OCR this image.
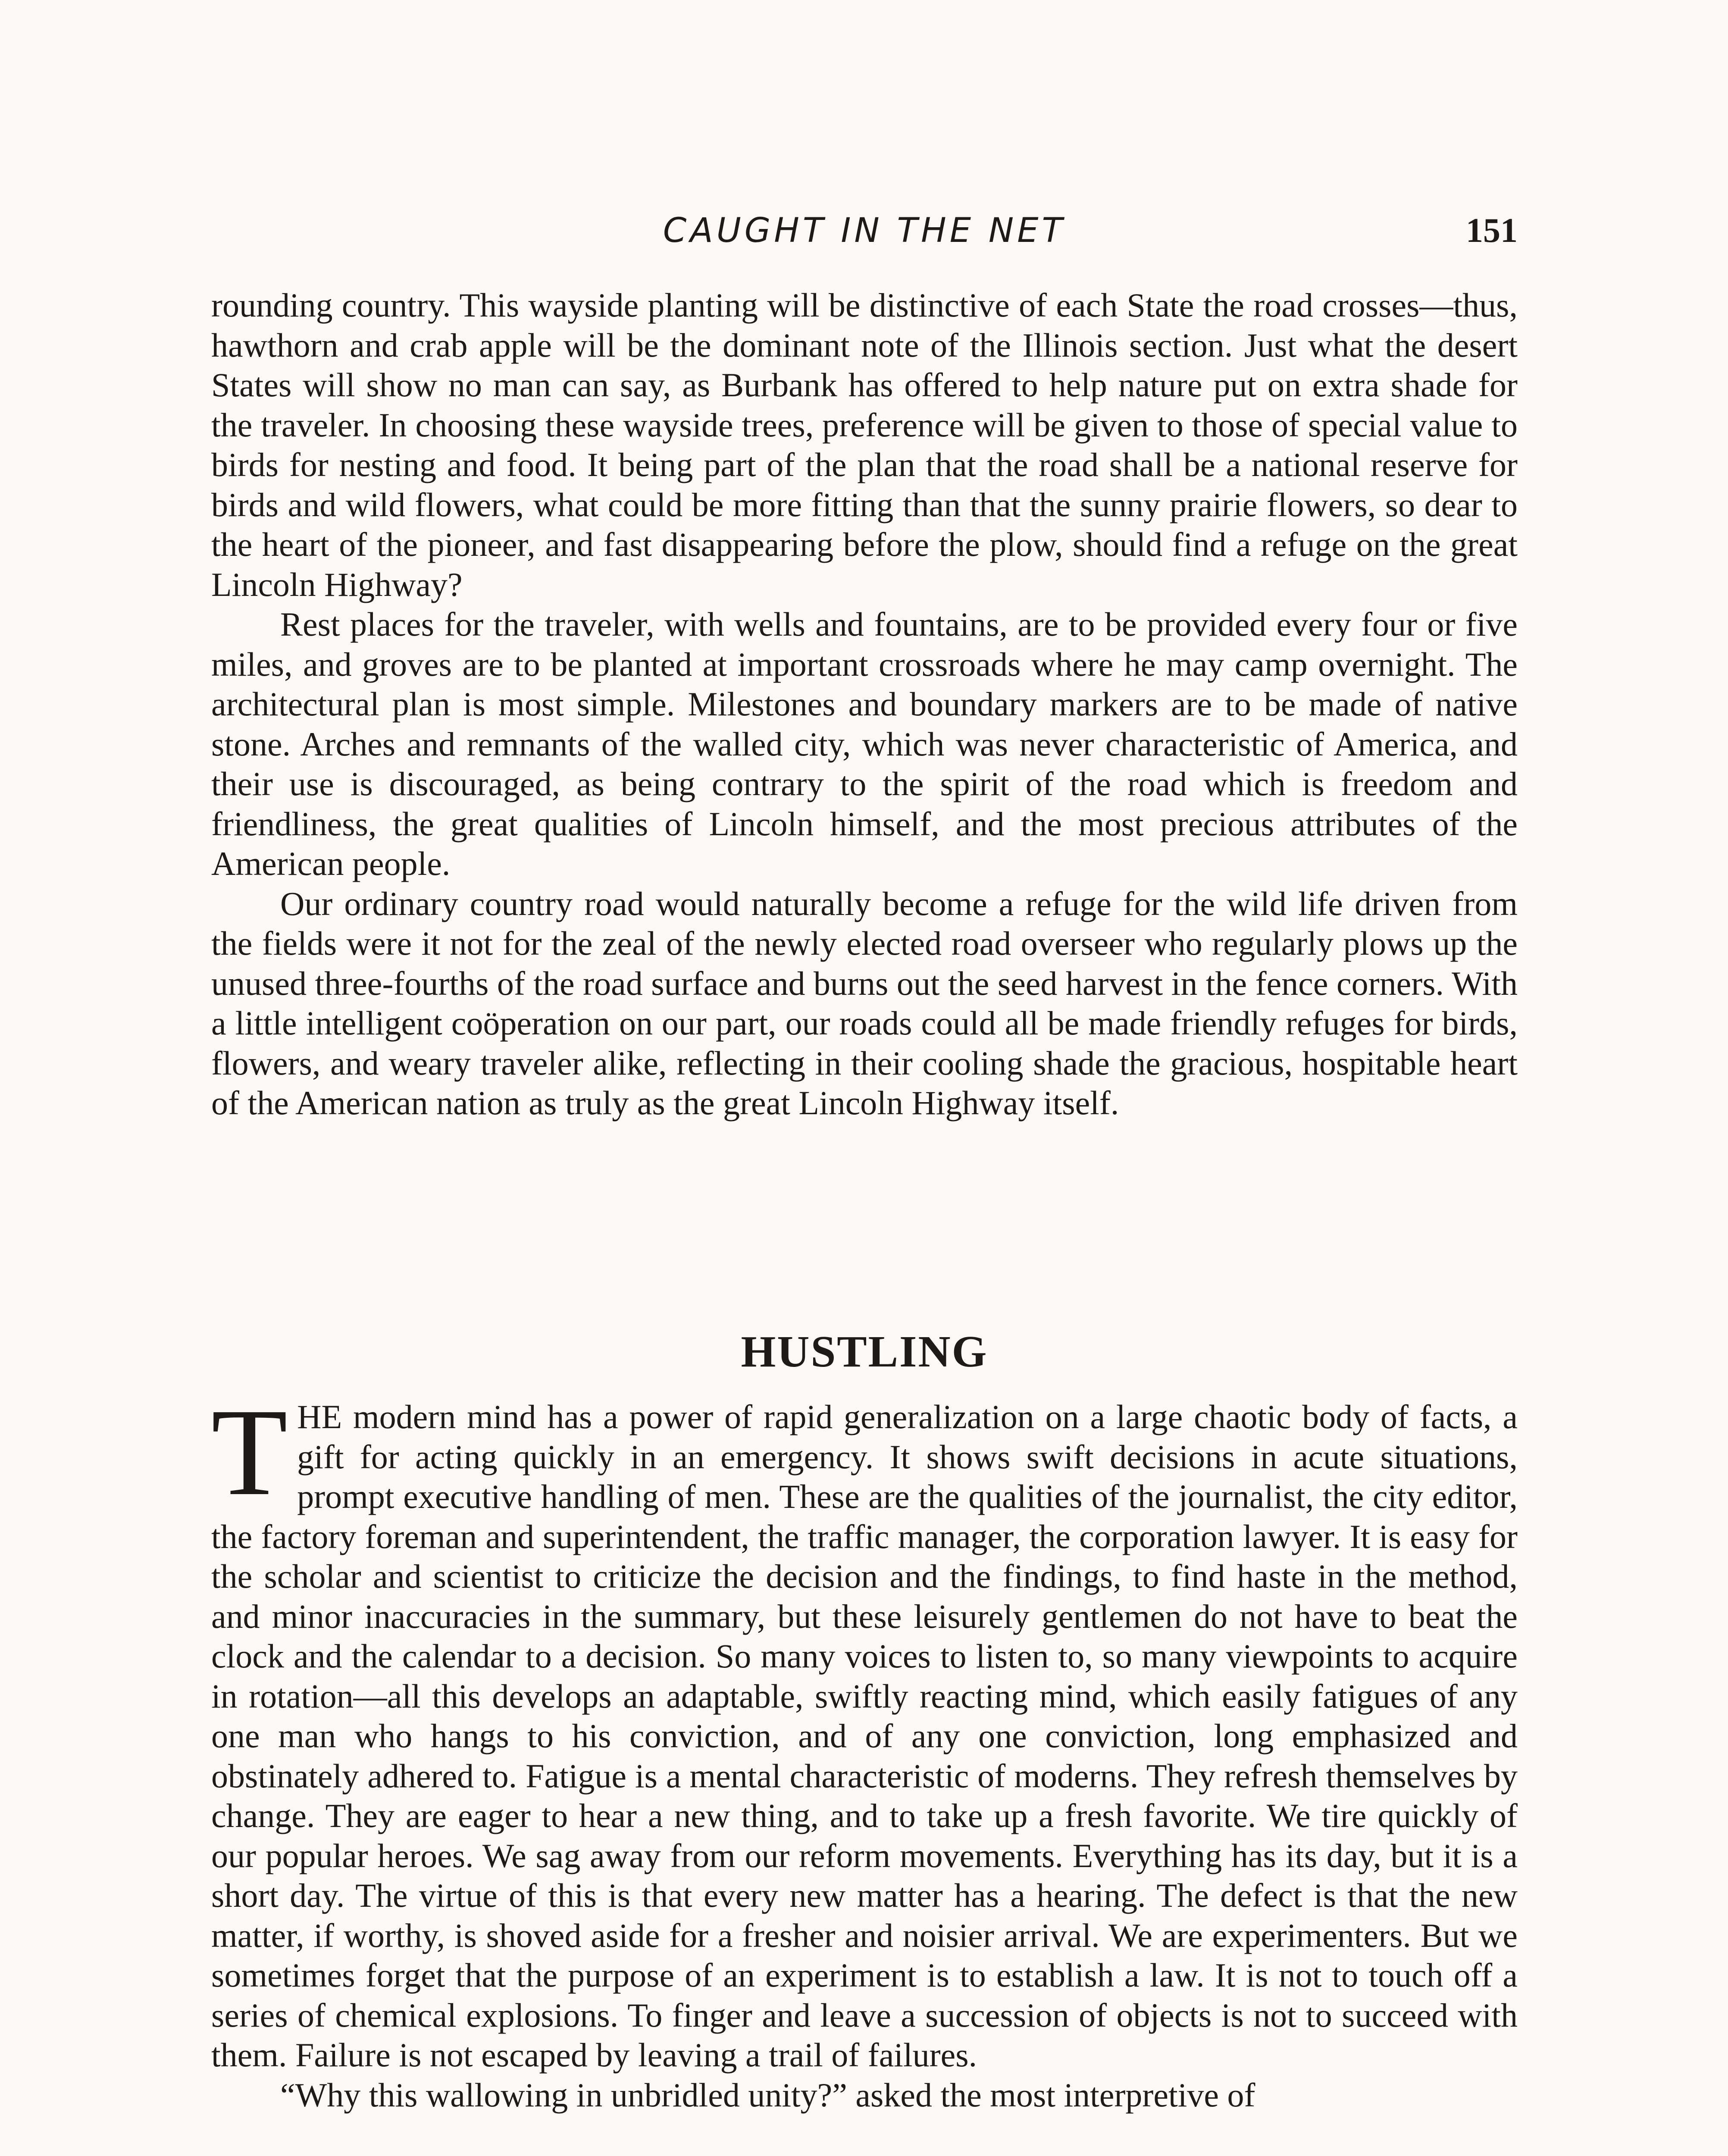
CAUGHT IN THE NET	151

rounding country. This wayside planting will be distinctive of each State the road crosses—thus, hawthorn and crab apple will be the dominant note of the Illinois section. Just what the desert States will show no man can say, as Burbank has offered to help nature put on extra shade for the traveler. In choosing these wayside trees, preference will be given to those of special value to birds for nesting and food. It being part of the plan that the road shall be a national reserve for birds and wild flowers, what could be more fitting than that the sunny prairie flowers, so dear to the heart of the pioneer, and fast disappearing before the plow, should find a refuge on the great Lincoln Highway?

Rest places for the traveler, with wells and fountains, are to be provided every four or five miles, and groves are to be planted at important crossroads where he may camp overnight. The architectural plan is most simple. Milestones and boundary markers are to be made of native stone. Arches and remnants of the walled city, which was never characteristic of America, and their use is discouraged, as being contrary to the spirit of the road which is freedom and friendliness, the great qualities of Lincoln himself, and the most precious attributes of the American people.

Our ordinary country road would naturally become a refuge for the wild life driven from the fields were it not for the zeal of the newly elected road overseer who regularly plows up the unused three-fourths of the road surface and burns out the seed harvest in the fence corners. With a little intelligent coöperation on our part, our roads could all be made friendly refuges for birds, flowers, and weary traveler alike, reflecting in their cooling shade the gracious, hospitable heart of the American nation as truly as the great Lincoln Highway itself.

HUSTLING

THE modern mind has a power of rapid generalization on a large chaotic body of facts, a gift for acting quickly in an emergency. It shows swift decisions in acute situations, prompt executive handling of men. These are the qualities of the journalist, the city editor, the factory foreman and superintendent, the traffic manager, the corporation lawyer. It is easy for the scholar and scientist to criticize the decision and the findings, to find haste in the method, and minor inaccuracies in the summary, but these leisurely gentlemen do not have to beat the clock and the calendar to a decision. So many voices to listen to, so many viewpoints to acquire in rotation—all this develops an adaptable, swiftly reacting mind, which easily fatigues of any one man who hangs to his conviction, and of any one conviction, long emphasized and obstinately adhered to. Fatigue is a mental characteristic of moderns. They refresh themselves by change. They are eager to hear a new thing, and to take up a fresh favorite. We tire quickly of our popular heroes. We sag away from our reform movements. Everything has its day, but it is a short day. The virtue of this is that every new matter has a hearing. The defect is that the new matter, if worthy, is shoved aside for a fresher and noisier arrival. We are experimenters. But we sometimes forget that the purpose of an experiment is to establish a law. It is not to touch off a series of chemical explosions. To finger and leave a succession of objects is not to succeed with them. Failure is not escaped by leaving a trail of failures.

“Why this wallowing in unbridled unity?” asked the most interpretive of
